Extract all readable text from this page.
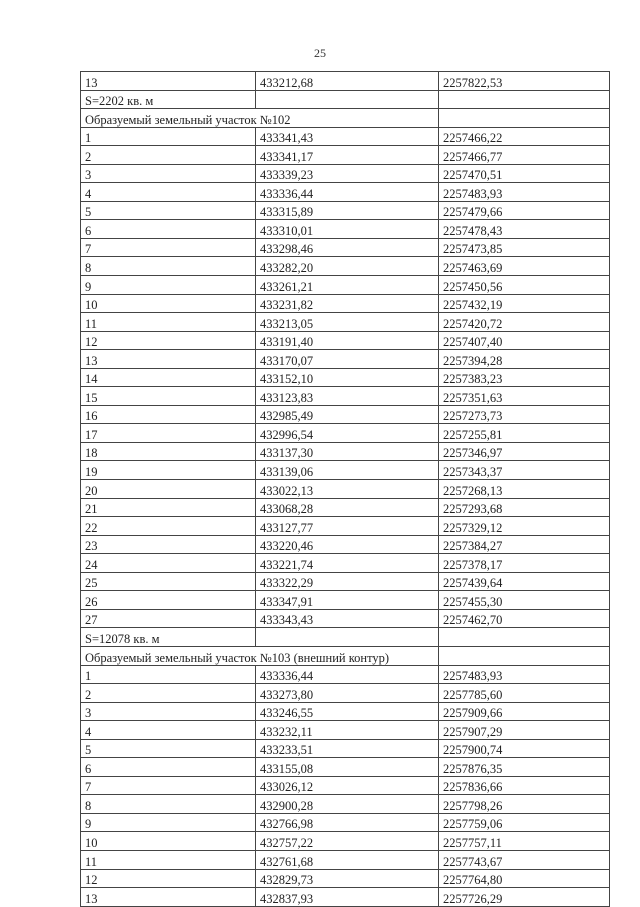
25
13	433212,68	2257822,53
S=2202 кв. м		
Образуемый земельный участок №102		
1	433341,43	2257466,22
2	433341,17	2257466,77
3	433339,23	2257470,51
4	433336,44	2257483,93
5	433315,89	2257479,66
6	433310,01	2257478,43
7	433298,46	2257473,85
8	433282,20	2257463,69
9	433261,21	2257450,56
10	433231,82	2257432,19
11	433213,05	2257420,72
12	433191,40	2257407,40
13	433170,07	2257394,28
14	433152,10	2257383,23
15	433123,83	2257351,63
16	432985,49	2257273,73
17	432996,54	2257255,81
18	433137,30	2257346,97
19	433139,06	2257343,37
20	433022,13	2257268,13
21	433068,28	2257293,68
22	433127,77	2257329,12
23	433220,46	2257384,27
24	433221,74	2257378,17
25	433322,29	2257439,64
26	433347,91	2257455,30
27	433343,43	2257462,70
S=12078 кв. м		
Образуемый земельный участок №103 (внешний контур)		
1	433336,44	2257483,93
2	433273,80	2257785,60
3	433246,55	2257909,66
4	433232,11	2257907,29
5	433233,51	2257900,74
6	433155,08	2257876,35
7	433026,12	2257836,66
8	432900,28	2257798,26
9	432766,98	2257759,06
10	432757,22	2257757,11
11	432761,68	2257743,67
12	432829,73	2257764,80
13	432837,93	2257726,29
